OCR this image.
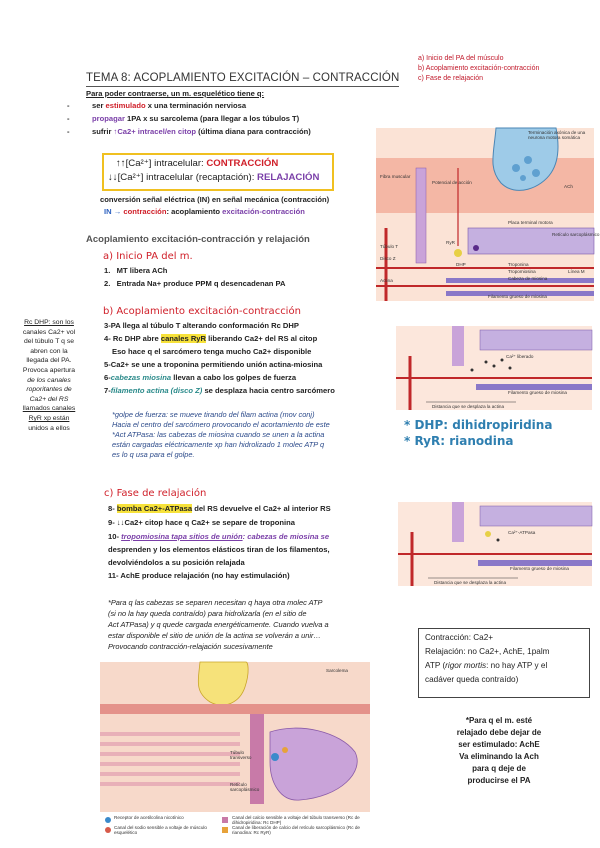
a) Inicio del PA del músculo
b) Acoplamiento excitación-contracción
c) Fase de relajación
TEMA 8: ACOPLAMIENTO EXCITACIÓN – CONTRACCIÓN
Para poder contraerse, un m. esquelético tiene q:
- ser estimulado x una terminación nerviosa
- propagar 1PA x su sarcolema (para llegar a los túbulos T)
- sufrir ↑Ca2+ intracel/en citop (última diana para contracción)
↑↑[Ca²⁺] intracelular: CONTRACCIÓN
↓↓[Ca²⁺] intracelular (recaptación): RELAJACIÓN
conversión señal eléctrica (IN) en señal mecánica (contracción)
IN → contracción: acoplamiento excitación-contracción
Acoplamiento excitación-contracción y relajación
a) Inicio PA del m.
1.   MT libera ACh
2.   Entrada Na+ produce PPM q desencadenan PA
b) Acoplamiento excitación-contracción
3-PA llega al túbulo T alterando conformación Rc DHP
4- Rc DHP abre canales RyR liberando Ca2+ del RS al citop
Eso hace q el sarcómero tenga mucho Ca2+ disponible
5-Ca2+ se une a troponina permitiendo unión actina-miosina
6-cabezas miosina llevan a cabo los golpes de fuerza
7-filamento actina (disco Z) se desplaza hacia centro sarcómero
*golpe de fuerza: se mueve tirando del filam actina (mov conj)
Hacia el centro del sarcómero provocando el acortamiento de este
*Act ATPasa: las cabezas de miosina cuando se unen a la actina
están cargadas eléctricamente xp han hidrolizado 1 molec ATP q
es lo q usa para el golpe.
c) Fase de relajación
8- bomba Ca2+-ATPasa del RS devuelve el Ca2+ al interior RS
9- ↓↓Ca2+ citop hace q Ca2+ se separe de troponina
10- tropomiosina tapa sitios de unión: cabezas de miosina se
desprenden y los elementos elásticos tiran de los filamentos,
devolviéndolos a su posición relajada
11- AchE produce relajación (no hay estimulación)
*Para q las cabezas se separen necesitan q haya otra molec ATP
(si no la hay queda contraído) para hidrolizarla (en el sitio de
Act ATPasa) y q quede cargada energéticamente. Cuando vuelva a
estar disponible el sitio de unión de la actina se volverán a unir…
Provocando contracción-relajación sucesivamente
Rc DHP: son los
canales Ca2+ vol
del túbulo T q se
abren con la
llegada del PA.
Provoca apertura
de los canales
roporitantes de
Ca2+ del RS
llamados canales
RyR xp están
unidos a ellos
Fibra muscular
Terminación axónica de una neurona motora somática
ACh
Potencial de acción
Placa terminal motora
Túbulo T
RyR
DHP
Retículo sarcoplásmico
Disco Z
Actina
Troponina
Tropomiosina
Cabeza de miosina
Línea M
Filamento grueso de miosina
Ca²⁺ liberado
Filamento grueso de miosina
Distancia que se desplaza la actina
* DHP: dihidropiridina
* RyR: rianodina
Ca²⁺-ATPasa
Filamento grueso de miosina
Distancia que se desplaza la actina
Contracción: Ca2+
Relajación: no Ca2+, AchE, 1palm
ATP (rigor mortis: no hay ATP y el
cadáver queda contraído)
*Para q el m. esté
relajado debe dejar de
ser estimulado: AchE
Va eliminando la Ach
para q deje de
producirse el PA
Sarcolema
Túbulo transverso
Retículo sarcoplásmico
Receptor de acetilcolina nicotínico
Canal del sodio sensible a voltaje de músculo esquelético
Canal del calcio sensible a voltaje del túbulo transverso (Rc de dihidropiridina: Rc DHP)
Canal de liberación de calcio del retículo sarcoplásmico (Rc de rianodina: Rc RyR)
